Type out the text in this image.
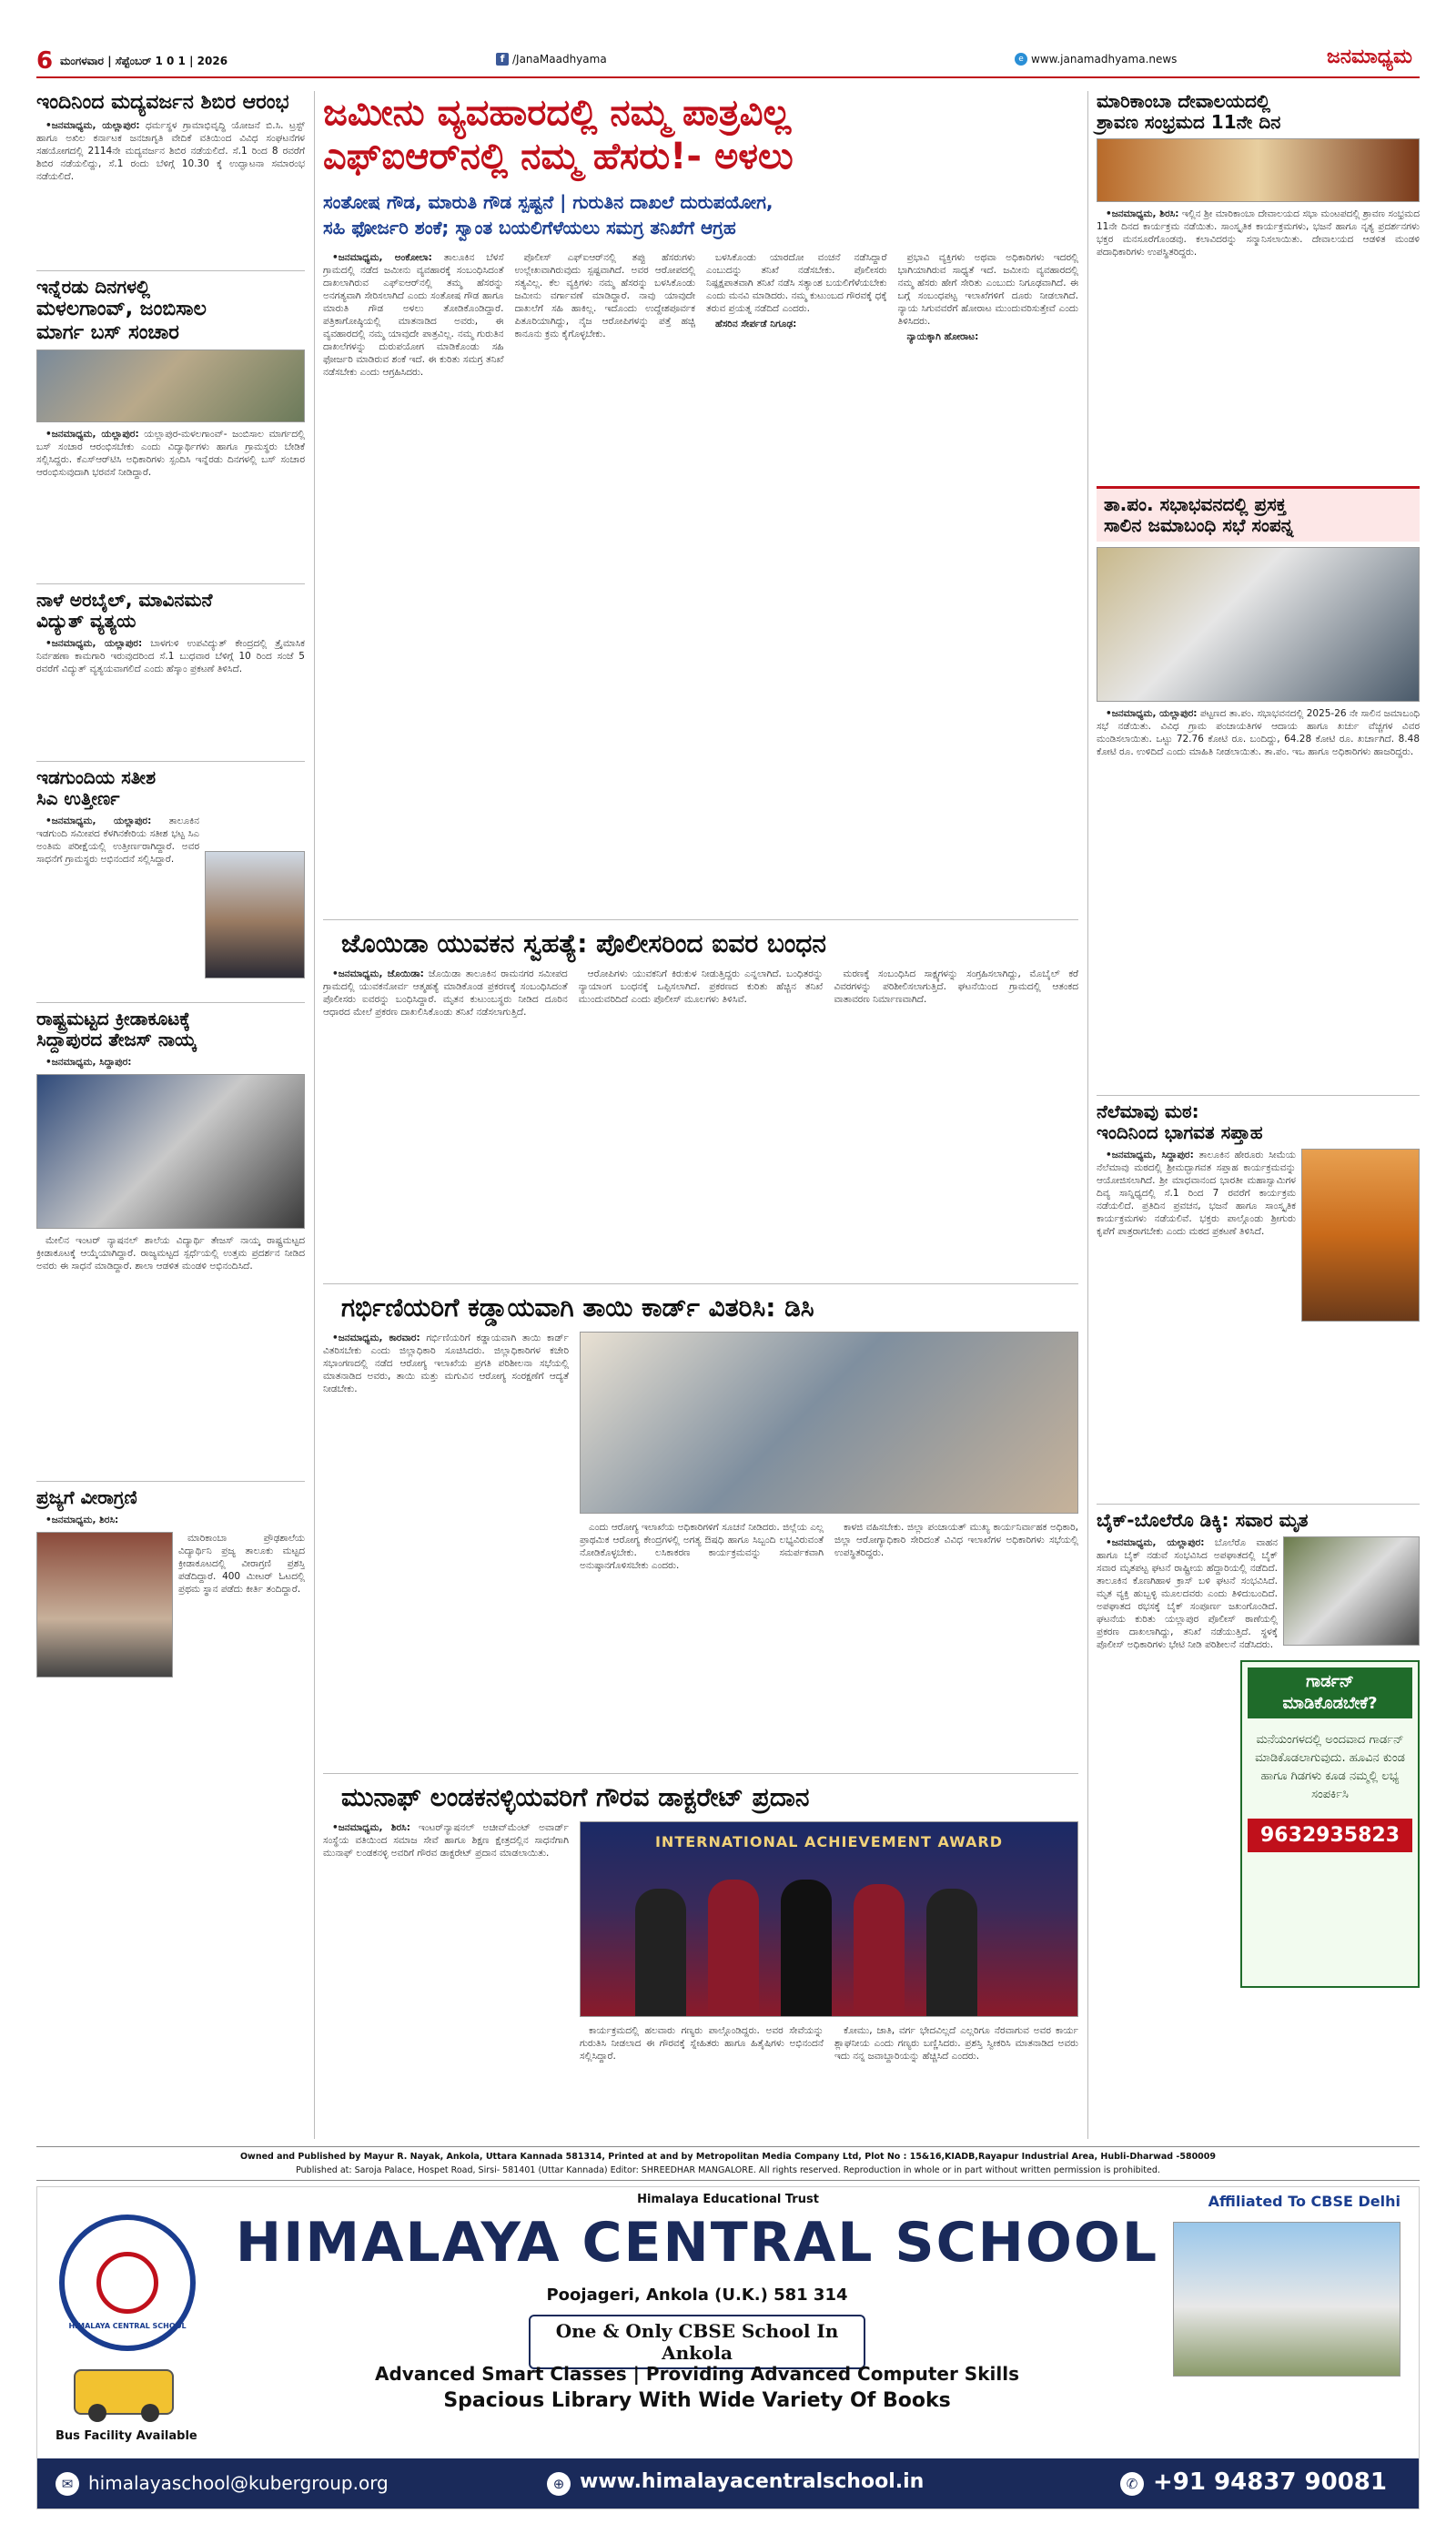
6 ಮಂಗಳವಾರ | ಸೆಪ್ಟೆಂಬರ್ 1 0 1 | 2026	f /JanaMaadhyama	e www.janamadhyama.news	ಜನಮಾಧ್ಯಮ
ಇಂದಿನಿಂದ ಮದ್ಯವರ್ಜನ ಶಿಬಿರ ಆರಂಭ

•ಜನಮಾಧ್ಯಮ, ಯಲ್ಲಾಪುರ: ಧರ್ಮಸ್ಥಳ ಗ್ರಾಮಾಭಿವೃದ್ಧಿ ಯೋಜನೆ ಬಿ.ಸಿ. ಟ್ರಸ್ಟ್ ಹಾಗೂ ಅಖಿಲ ಕರ್ನಾಟಕ ಜನಜಾಗೃತಿ ವೇದಿಕೆ ವತಿಯಿಂದ ವಿವಿಧ ಸಂಘಟನೆಗಳ ಸಹಯೋಗದಲ್ಲಿ 2114ನೇ ಮದ್ಯವರ್ಜನ ಶಿಬಿರ ನಡೆಯಲಿದೆ. ಸೆ.1 ರಿಂದ 8 ರವರೆಗೆ ಶಿಬಿರ ನಡೆಯಲಿದ್ದು, ಸೆ.1 ರಂದು ಬೆಳಿಗ್ಗೆ 10.30 ಕ್ಕೆ ಉದ್ಘಾಟನಾ ಸಮಾರಂಭ ನಡೆಯಲಿದೆ.

ಇನ್ನೆರಡು ದಿನಗಳಲ್ಲಿ
ಮಳಲಗಾಂವ್, ಜಂಬಿಸಾಲ
ಮಾರ್ಗ ಬಸ್ ಸಂಚಾರ

•ಜನಮಾಧ್ಯಮ, ಯಲ್ಲಾಪುರ: ಯಲ್ಲಾಪುರ-ಮಳಲಗಾಂವ್- ಜಂಬಿಸಾಲ ಮಾರ್ಗದಲ್ಲಿ ಬಸ್ ಸಂಚಾರ ಆರಂಭಿಸಬೇಕು ಎಂದು ವಿದ್ಯಾರ್ಥಿಗಳು ಹಾಗೂ ಗ್ರಾಮಸ್ಥರು ಬೇಡಿಕೆ ಸಲ್ಲಿಸಿದ್ದರು. ಕೆಎಸ್‌ಆರ್‌ಟಿಸಿ ಅಧಿಕಾರಿಗಳು ಸ್ಪಂದಿಸಿ ಇನ್ನೆರಡು ದಿನಗಳಲ್ಲಿ ಬಸ್ ಸಂಚಾರ ಆರಂಭಿಸುವುದಾಗಿ ಭರವಸೆ ನೀಡಿದ್ದಾರೆ.

ನಾಳೆ ಅರಬೈಲ್, ಮಾವಿನಮನೆ
ವಿದ್ಯುತ್ ವ್ಯತ್ಯಯ

•ಜನಮಾಧ್ಯಮ, ಯಲ್ಲಾಪುರ: ಬಾಳಗುಳಿ ಉಪವಿದ್ಯುತ್ ಕೇಂದ್ರದಲ್ಲಿ ತ್ರೈಮಾಸಿಕ ನಿರ್ವಹಣಾ ಕಾಮಗಾರಿ ಇರುವುದರಿಂದ ಸೆ.1 ಬುಧವಾರ ಬೆಳಿಗ್ಗೆ 10 ರಿಂದ ಸಂಜೆ 5 ರವರೆಗೆ ವಿದ್ಯುತ್ ವ್ಯತ್ಯಯವಾಗಲಿದೆ ಎಂದು ಹೆಸ್ಕಾಂ ಪ್ರಕಟಣೆ ತಿಳಿಸಿದೆ.

ಇಡಗುಂದಿಯ ಸತೀಶ
ಸಿಎ ಉತ್ತೀರ್ಣ

•ಜನಮಾಧ್ಯಮ, ಯಲ್ಲಾಪುರ: ತಾಲೂಕಿನ ಇಡಗುಂದಿ ಸಮೀಪದ ಕೆಳಗಿನಕೇರಿಯ ಸತೀಶ ಭಟ್ಟ ಸಿಎ ಅಂತಿಮ ಪರೀಕ್ಷೆಯಲ್ಲಿ ಉತ್ತೀರ್ಣರಾಗಿದ್ದಾರೆ. ಅವರ ಸಾಧನೆಗೆ ಗ್ರಾಮಸ್ಥರು ಅಭಿನಂದನೆ ಸಲ್ಲಿಸಿದ್ದಾರೆ.

ರಾಷ್ಟ್ರಮಟ್ಟದ ಕ್ರೀಡಾಕೂಟಕ್ಕೆ
ಸಿದ್ದಾಪುರದ ತೇಜಸ್ ನಾಯ್ಕ

•ಜನಮಾಧ್ಯಮ, ಸಿದ್ದಾಪುರ:

ಮೇಲಿನ ಇಂಟರ್ ನ್ಯಾಷನಲ್ ಶಾಲೆಯ ವಿದ್ಯಾರ್ಥಿ ತೇಜಸ್ ನಾಯ್ಕ ರಾಷ್ಟ್ರಮಟ್ಟದ ಕ್ರೀಡಾಕೂಟಕ್ಕೆ ಆಯ್ಕೆಯಾಗಿದ್ದಾರೆ. ರಾಜ್ಯಮಟ್ಟದ ಸ್ಪರ್ಧೆಯಲ್ಲಿ ಉತ್ತಮ ಪ್ರದರ್ಶನ ನೀಡಿದ ಅವರು ಈ ಸಾಧನೆ ಮಾಡಿದ್ದಾರೆ. ಶಾಲಾ ಆಡಳಿತ ಮಂಡಳಿ ಅಭಿನಂದಿಸಿದೆ.

ಪ್ರಜ್ಯಗೆ ವೀರಾಗ್ರಣಿ

•ಜನಮಾಧ್ಯಮ, ಶಿರಸಿ:

ಮಾರಿಕಾಂಬಾ ಪ್ರೌಢಶಾಲೆಯ ವಿದ್ಯಾರ್ಥಿನಿ ಪ್ರಜ್ಯ ತಾಲೂಕು ಮಟ್ಟದ ಕ್ರೀಡಾಕೂಟದಲ್ಲಿ ವೀರಾಗ್ರಣಿ ಪ್ರಶಸ್ತಿ ಪಡೆದಿದ್ದಾರೆ. 400 ಮೀಟರ್ ಓಟದಲ್ಲಿ ಪ್ರಥಮ ಸ್ಥಾನ ಪಡೆದು ಕೀರ್ತಿ ತಂದಿದ್ದಾರೆ.

ಜಮೀನು ವ್ಯವಹಾರದಲ್ಲಿ ನಮ್ಮ ಪಾತ್ರವಿಲ್ಲ
ಎಫ್‌ಐಆರ್‌ನಲ್ಲಿ ನಮ್ಮ ಹೆಸರು!- ಅಳಲು
ಸಂತೋಷ ಗೌಡ, ಮಾರುತಿ ಗೌಡ ಸ್ಪಷ್ಟನೆ | ಗುರುತಿನ ದಾಖಲೆ ದುರುಪಯೋಗ,
ಸಹಿ ಫೋರ್ಜರಿ ಶಂಕೆ; ಸ್ವಾಂತ ಬಯಲಿಗೆಳೆಯಲು ಸಮಗ್ರ ತನಿಖೆಗೆ ಆಗ್ರಹ

•ಜನಮಾಧ್ಯಮ, ಅಂಕೋಲಾ: ತಾಲೂಕಿನ ಬೆಳಸೆ ಗ್ರಾಮದಲ್ಲಿ ನಡೆದ ಜಮೀನು ವ್ಯವಹಾರಕ್ಕೆ ಸಂಬಂಧಿಸಿದಂತೆ ದಾಖಲಾಗಿರುವ ಎಫ್‌ಐಆರ್‌ನಲ್ಲಿ ತಮ್ಮ ಹೆಸರನ್ನು ಅನಗತ್ಯವಾಗಿ ಸೇರಿಸಲಾಗಿದೆ ಎಂದು ಸಂತೋಷ ಗೌಡ ಹಾಗೂ ಮಾರುತಿ ಗೌಡ ಅಳಲು ತೋಡಿಕೊಂಡಿದ್ದಾರೆ. ಪತ್ರಿಕಾಗೋಷ್ಠಿಯಲ್ಲಿ ಮಾತನಾಡಿದ ಅವರು, ಈ ವ್ಯವಹಾರದಲ್ಲಿ ನಮ್ಮ ಯಾವುದೇ ಪಾತ್ರವಿಲ್ಲ. ನಮ್ಮ ಗುರುತಿನ ದಾಖಲೆಗಳನ್ನು ದುರುಪಯೋಗ ಮಾಡಿಕೊಂಡು ಸಹಿ ಫೋರ್ಜರಿ ಮಾಡಿರುವ ಶಂಕೆ ಇದೆ. ಈ ಕುರಿತು ಸಮಗ್ರ ತನಿಖೆ ನಡೆಸಬೇಕು ಎಂದು ಆಗ್ರಹಿಸಿದರು.

ಪೊಲೀಸ್ ಎಫ್‌ಐಆರ್‌ನಲ್ಲಿ ತಪ್ಪು ಹೆಸರುಗಳು ಉಲ್ಲೇಖವಾಗಿರುವುದು ಸ್ಪಷ್ಟವಾಗಿದೆ. ಅವರ ಆರೋಪದಲ್ಲಿ ಸತ್ಯವಿಲ್ಲ. ಕೆಲ ವ್ಯಕ್ತಿಗಳು ನಮ್ಮ ಹೆಸರನ್ನು ಬಳಸಿಕೊಂಡು ಜಮೀನು ವರ್ಗಾವಣೆ ಮಾಡಿದ್ದಾರೆ. ನಾವು ಯಾವುದೇ ದಾಖಲೆಗೆ ಸಹಿ ಹಾಕಿಲ್ಲ. ಇದೊಂದು ಉದ್ದೇಶಪೂರ್ವಕ ಪಿತೂರಿಯಾಗಿದ್ದು, ನೈಜ ಆರೋಪಿಗಳನ್ನು ಪತ್ತೆ ಹಚ್ಚಿ ಕಾನೂನು ಕ್ರಮ ಕೈಗೊಳ್ಳಬೇಕು.

ಬಳಸಿಕೊಂಡು ಯಾರದೋ ವಂಚನೆ ನಡೆಸಿದ್ದಾರೆ ಎಂಬುದನ್ನು ತನಿಖೆ ನಡೆಸಬೇಕು. ಪೊಲೀಸರು ನಿಷ್ಪಕ್ಷಪಾತವಾಗಿ ತನಿಖೆ ನಡೆಸಿ ಸತ್ಯಾಂಶ ಬಯಲಿಗೆಳೆಯಬೇಕು ಎಂದು ಮನವಿ ಮಾಡಿದರು. ನಮ್ಮ ಕುಟುಂಬದ ಗೌರವಕ್ಕೆ ಧಕ್ಕೆ ತರುವ ಪ್ರಯತ್ನ ನಡೆದಿದೆ ಎಂದರು.

ಹೆಸರಿನ ಸೇರ್ಪಡೆ ನಿಗೂಢ:

ಪ್ರಭಾವಿ ವ್ಯಕ್ತಿಗಳು ಅಥವಾ ಅಧಿಕಾರಿಗಳು ಇದರಲ್ಲಿ ಭಾಗಿಯಾಗಿರುವ ಸಾಧ್ಯತೆ ಇದೆ. ಜಮೀನು ವ್ಯವಹಾರದಲ್ಲಿ ನಮ್ಮ ಹೆಸರು ಹೇಗೆ ಸೇರಿತು ಎಂಬುದು ನಿಗೂಢವಾಗಿದೆ. ಈ ಬಗ್ಗೆ ಸಂಬಂಧಪಟ್ಟ ಇಲಾಖೆಗಳಿಗೆ ದೂರು ನೀಡಲಾಗಿದೆ. ನ್ಯಾಯ ಸಿಗುವವರೆಗೆ ಹೋರಾಟ ಮುಂದುವರಿಸುತ್ತೇವೆ ಎಂದು ತಿಳಿಸಿದರು.

ನ್ಯಾಯಕ್ಕಾಗಿ ಹೋರಾಟ:

ಜೊಯಿಡಾ ಯುವಕನ ಸ್ವಹತ್ಯೆ: ಪೊಲೀಸರಿಂದ ಐವರ ಬಂಧನ

•ಜನಮಾಧ್ಯಮ, ಜೊಯಿಡಾ: ಜೊಯಿಡಾ ತಾಲೂಕಿನ ರಾಮನಗರ ಸಮೀಪದ ಗ್ರಾಮದಲ್ಲಿ ಯುವಕನೋರ್ವ ಆತ್ಮಹತ್ಯೆ ಮಾಡಿಕೊಂಡ ಪ್ರಕರಣಕ್ಕೆ ಸಂಬಂಧಿಸಿದಂತೆ ಪೊಲೀಸರು ಐವರನ್ನು ಬಂಧಿಸಿದ್ದಾರೆ. ಮೃತನ ಕುಟುಂಬಸ್ಥರು ನೀಡಿದ ದೂರಿನ ಆಧಾರದ ಮೇಲೆ ಪ್ರಕರಣ ದಾಖಲಿಸಿಕೊಂಡು ತನಿಖೆ ನಡೆಸಲಾಗುತ್ತಿದೆ.

ಆರೋಪಿಗಳು ಯುವಕನಿಗೆ ಕಿರುಕುಳ ನೀಡುತ್ತಿದ್ದರು ಎನ್ನಲಾಗಿದೆ. ಬಂಧಿತರನ್ನು ನ್ಯಾಯಾಂಗ ಬಂಧನಕ್ಕೆ ಒಪ್ಪಿಸಲಾಗಿದೆ. ಪ್ರಕರಣದ ಕುರಿತು ಹೆಚ್ಚಿನ ತನಿಖೆ ಮುಂದುವರಿದಿದೆ ಎಂದು ಪೊಲೀಸ್ ಮೂಲಗಳು ತಿಳಿಸಿವೆ.

ಮರಣಕ್ಕೆ ಸಂಬಂಧಿಸಿದ ಸಾಕ್ಷ್ಯಗಳನ್ನು ಸಂಗ್ರಹಿಸಲಾಗಿದ್ದು, ಮೊಬೈಲ್ ಕರೆ ವಿವರಗಳನ್ನು ಪರಿಶೀಲಿಸಲಾಗುತ್ತಿದೆ. ಘಟನೆಯಿಂದ ಗ್ರಾಮದಲ್ಲಿ ಆತಂಕದ ವಾತಾವರಣ ನಿರ್ಮಾಣವಾಗಿದೆ.

ಗರ್ಭಿಣಿಯರಿಗೆ ಕಡ್ಡಾಯವಾಗಿ ತಾಯಿ ಕಾರ್ಡ್ ವಿತರಿಸಿ: ಡಿಸಿ

•ಜನಮಾಧ್ಯಮ, ಕಾರವಾರ: ಗರ್ಭಿಣಿಯರಿಗೆ ಕಡ್ಡಾಯವಾಗಿ ತಾಯಿ ಕಾರ್ಡ್ ವಿತರಿಸಬೇಕು ಎಂದು ಜಿಲ್ಲಾಧಿಕಾರಿ ಸೂಚಿಸಿದರು. ಜಿಲ್ಲಾಧಿಕಾರಿಗಳ ಕಚೇರಿ ಸಭಾಂಗಣದಲ್ಲಿ ನಡೆದ ಆರೋಗ್ಯ ಇಲಾಖೆಯ ಪ್ರಗತಿ ಪರಿಶೀಲನಾ ಸಭೆಯಲ್ಲಿ ಮಾತನಾಡಿದ ಅವರು, ತಾಯಿ ಮತ್ತು ಮಗುವಿನ ಆರೋಗ್ಯ ಸಂರಕ್ಷಣೆಗೆ ಆದ್ಯತೆ ನೀಡಬೇಕು.

ಎಂದು ಆರೋಗ್ಯ ಇಲಾಖೆಯ ಅಧಿಕಾರಿಗಳಿಗೆ ಸೂಚನೆ ನೀಡಿದರು. ಜಿಲ್ಲೆಯ ಎಲ್ಲ ಪ್ರಾಥಮಿಕ ಆರೋಗ್ಯ ಕೇಂದ್ರಗಳಲ್ಲಿ ಅಗತ್ಯ ಔಷಧಿ ಹಾಗೂ ಸಿಬ್ಬಂದಿ ಲಭ್ಯವಿರುವಂತೆ ನೋಡಿಕೊಳ್ಳಬೇಕು. ಲಸಿಕಾಕರಣ ಕಾರ್ಯಕ್ರಮವನ್ನು ಸಮರ್ಪಕವಾಗಿ ಅನುಷ್ಠಾನಗೊಳಿಸಬೇಕು ಎಂದರು.

ಕಾಳಜಿ ವಹಿಸಬೇಕು. ಜಿಲ್ಲಾ ಪಂಚಾಯತ್ ಮುಖ್ಯ ಕಾರ್ಯನಿರ್ವಾಹಕ ಅಧಿಕಾರಿ, ಜಿಲ್ಲಾ ಆರೋಗ್ಯಾಧಿಕಾರಿ ಸೇರಿದಂತೆ ವಿವಿಧ ಇಲಾಖೆಗಳ ಅಧಿಕಾರಿಗಳು ಸಭೆಯಲ್ಲಿ ಉಪಸ್ಥಿತರಿದ್ದರು.

ಮುನಾಫ್ ಲಂಡಕನಳ್ಳಿಯವರಿಗೆ ಗೌರವ ಡಾಕ್ಟರೇಟ್ ಪ್ರದಾನ

•ಜನಮಾಧ್ಯಮ, ಶಿರಸಿ: ಇಂಟರ್‌ನ್ಯಾಷನಲ್ ಅಚೀವ್‌ಮೆಂಟ್ ಅವಾರ್ಡ್ ಸಂಸ್ಥೆಯ ವತಿಯಿಂದ ಸಮಾಜ ಸೇವೆ ಹಾಗೂ ಶಿಕ್ಷಣ ಕ್ಷೇತ್ರದಲ್ಲಿನ ಸಾಧನೆಗಾಗಿ ಮುನಾಫ್ ಲಂಡಕನಳ್ಳಿ ಅವರಿಗೆ ಗೌರವ ಡಾಕ್ಟರೇಟ್ ಪ್ರದಾನ ಮಾಡಲಾಯಿತು.

INTERNATIONAL ACHIEVEMENT AWARD

ಕಾರ್ಯಕ್ರಮದಲ್ಲಿ ಹಲವಾರು ಗಣ್ಯರು ಪಾಲ್ಗೊಂಡಿದ್ದರು. ಅವರ ಸೇವೆಯನ್ನು ಗುರುತಿಸಿ ನೀಡಲಾದ ಈ ಗೌರವಕ್ಕೆ ಸ್ನೇಹಿತರು ಹಾಗೂ ಹಿತೈಷಿಗಳು ಅಭಿನಂದನೆ ಸಲ್ಲಿಸಿದ್ದಾರೆ.

ಕೋಮು, ಜಾತಿ, ವರ್ಗ ಭೇದವಿಲ್ಲದೆ ಎಲ್ಲರಿಗೂ ನೆರವಾಗುವ ಅವರ ಕಾರ್ಯ ಶ್ಲಾಘನೀಯ ಎಂದು ಗಣ್ಯರು ಬಣ್ಣಿಸಿದರು. ಪ್ರಶಸ್ತಿ ಸ್ವೀಕರಿಸಿ ಮಾತನಾಡಿದ ಅವರು ಇದು ನನ್ನ ಜವಾಬ್ದಾರಿಯನ್ನು ಹೆಚ್ಚಿಸಿದೆ ಎಂದರು.

ಮಾರಿಕಾಂಬಾ ದೇವಾಲಯದಲ್ಲಿ
ಶ್ರಾವಣ ಸಂಭ್ರಮದ 11ನೇ ದಿನ

•ಜನಮಾಧ್ಯಮ, ಶಿರಸಿ: ಇಲ್ಲಿನ ಶ್ರೀ ಮಾರಿಕಾಂಬಾ ದೇವಾಲಯದ ಸಭಾ ಮಂಟಪದಲ್ಲಿ ಶ್ರಾವಣ ಸಂಭ್ರಮದ 11ನೇ ದಿನದ ಕಾರ್ಯಕ್ರಮ ನಡೆಯಿತು. ಸಾಂಸ್ಕೃತಿಕ ಕಾರ್ಯಕ್ರಮಗಳು, ಭಜನೆ ಹಾಗೂ ನೃತ್ಯ ಪ್ರದರ್ಶನಗಳು ಭಕ್ತರ ಮನಸೂರೆಗೊಂಡವು. ಕಲಾವಿದರನ್ನು ಸನ್ಮಾನಿಸಲಾಯಿತು. ದೇವಾಲಯದ ಆಡಳಿತ ಮಂಡಳಿ ಪದಾಧಿಕಾರಿಗಳು ಉಪಸ್ಥಿತರಿದ್ದರು.

ತಾ.ಪಂ. ಸಭಾಭವನದಲ್ಲಿ ಪ್ರಸಕ್ತ
ಸಾಲಿನ ಜಮಾಬಂಧಿ ಸಭೆ ಸಂಪನ್ನ

•ಜನಮಾಧ್ಯಮ, ಯಲ್ಲಾಪುರ: ಪಟ್ಟಣದ ತಾ.ಪಂ. ಸಭಾಭವನದಲ್ಲಿ 2025-26 ನೇ ಸಾಲಿನ ಜಮಾಬಂಧಿ ಸಭೆ ನಡೆಯಿತು. ವಿವಿಧ ಗ್ರಾಮ ಪಂಚಾಯತಿಗಳ ಆದಾಯ ಹಾಗೂ ಖರ್ಚು ವೆಚ್ಚಗಳ ವಿವರ ಮಂಡಿಸಲಾಯಿತು. ಒಟ್ಟು 72.76 ಕೋಟಿ ರೂ. ಬಂದಿದ್ದು, 64.28 ಕೋಟಿ ರೂ. ಖರ್ಚಾಗಿದೆ. 8.48 ಕೋಟಿ ರೂ. ಉಳಿದಿದೆ ಎಂದು ಮಾಹಿತಿ ನೀಡಲಾಯಿತು. ತಾ.ಪಂ. ಇಒ ಹಾಗೂ ಅಧಿಕಾರಿಗಳು ಹಾಜರಿದ್ದರು.

ನೆಲೆಮಾವು ಮಠ:
ಇಂದಿನಿಂದ ಭಾಗವತ ಸಪ್ತಾಹ

•ಜನಮಾಧ್ಯಮ, ಸಿದ್ದಾಪುರ: ತಾಲೂಕಿನ ಹೇರೂರು ಸೀಮೆಯ ನೆಲೆಮಾವು ಮಠದಲ್ಲಿ ಶ್ರೀಮದ್ಭಾಗವತ ಸಪ್ತಾಹ ಕಾರ್ಯಕ್ರಮವನ್ನು ಆಯೋಜಿಸಲಾಗಿದೆ. ಶ್ರೀ ಮಾಧವಾನಂದ ಭಾರತೀ ಮಹಾಸ್ವಾಮಿಗಳ ದಿವ್ಯ ಸಾನ್ನಿಧ್ಯದಲ್ಲಿ ಸೆ.1 ರಿಂದ 7 ರವರೆಗೆ ಕಾರ್ಯಕ್ರಮ ನಡೆಯಲಿದೆ. ಪ್ರತಿದಿನ ಪ್ರವಚನ, ಭಜನೆ ಹಾಗೂ ಸಾಂಸ್ಕೃತಿಕ ಕಾರ್ಯಕ್ರಮಗಳು ನಡೆಯಲಿವೆ. ಭಕ್ತರು ಪಾಲ್ಗೊಂಡು ಶ್ರೀಗುರು ಕೃಪೆಗೆ ಪಾತ್ರರಾಗಬೇಕು ಎಂದು ಮಠದ ಪ್ರಕಟಣೆ ತಿಳಿಸಿದೆ.

ಬೈಕ್-ಬೊಲೆರೊ ಡಿಕ್ಕಿ: ಸವಾರ ಮೃತ

•ಜನಮಾಧ್ಯಮ, ಯಲ್ಲಾಪುರ: ಬೊಲೆರೊ ವಾಹನ ಹಾಗೂ ಬೈಕ್ ನಡುವೆ ಸಂಭವಿಸಿದ ಅಪಘಾತದಲ್ಲಿ ಬೈಕ್ ಸವಾರ ಮೃತಪಟ್ಟ ಘಟನೆ ರಾಷ್ಟ್ರೀಯ ಹೆದ್ದಾರಿಯಲ್ಲಿ ನಡೆದಿದೆ. ತಾಲೂಕಿನ ಕೊಣಗಿಹಾಳ ಕ್ರಾಸ್ ಬಳಿ ಘಟನೆ ಸಂಭವಿಸಿದೆ. ಮೃತ ವ್ಯಕ್ತಿ ಹುಬ್ಬಳ್ಳಿ ಮೂಲದವರು ಎಂದು ತಿಳಿದುಬಂದಿದೆ. ಅಪಘಾತದ ರಭಸಕ್ಕೆ ಬೈಕ್ ಸಂಪೂರ್ಣ ಜಖಂಗೊಂಡಿದೆ. ಘಟನೆಯ ಕುರಿತು ಯಲ್ಲಾಪುರ ಪೊಲೀಸ್ ಠಾಣೆಯಲ್ಲಿ ಪ್ರಕರಣ ದಾಖಲಾಗಿದ್ದು, ತನಿಖೆ ನಡೆಯುತ್ತಿದೆ. ಸ್ಥಳಕ್ಕೆ ಪೊಲೀಸ್ ಅಧಿಕಾರಿಗಳು ಭೇಟಿ ನೀಡಿ ಪರಿಶೀಲನೆ ನಡೆಸಿದರು.

ಗಾರ್ಡನ್
ಮಾಡಿಕೊಡಬೇಕೆ?
ಮನೆಯಂಗಳದಲ್ಲಿ ಅಂದವಾದ ಗಾರ್ಡನ್ ಮಾಡಿಕೊಡಲಾಗುವುದು. ಹೂವಿನ ಕುಂಡ ಹಾಗೂ ಗಿಡಗಳು ಕೂಡ ನಮ್ಮಲ್ಲಿ ಲಭ್ಯ ಸಂಪರ್ಕಿಸಿ
9632935823
Owned and Published by Mayur R. Nayak, Ankola, Uttara Kannada 581314, Printed at and by Metropolitan Media Company Ltd, Plot No : 15&16,KIADB,Rayapur Industrial Area, Hubli-Dharwad -580009
Published at: Saroja Palace, Hospet Road, Sirsi- 581401 (Uttar Kannada) Editor: SHREEDHAR MANGALORE. All rights reserved. Reproduction in whole or in part without written permission is prohibited.
Himalaya Educational Trust	Affiliated To CBSE Delhi
HIMALAYA CENTRAL SCHOOL
HIMALAYA CENTRAL SCHOOL
Poojageri, Ankola (U.K.) 581 314
One & Only CBSE School In Ankola
Bus Facility Available
Advanced Smart Classes | Providing Advanced Computer Skills
Spacious Library With Wide Variety Of Books
✉ himalayaschool@kubergroup.org	⊕ www.himalayacentralschool.in	✆ +91 94837 90081
